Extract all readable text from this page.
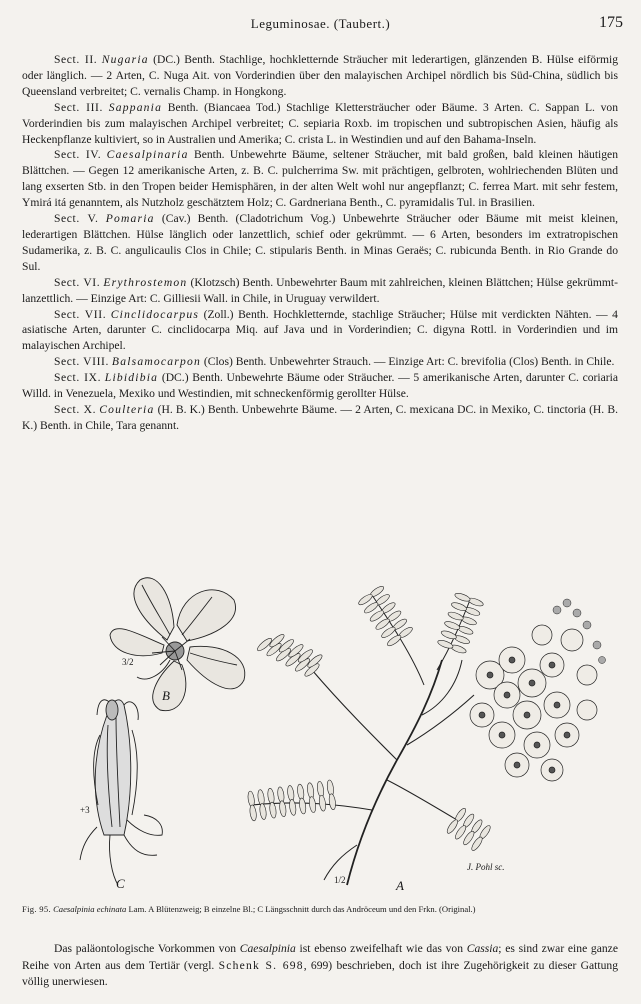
Leguminosae. (Taubert.)	175

Sect. II. Nugaria (DC.) Benth. Stachlige, hochkletternde Sträucher mit lederartigen, glänzenden B. Hülse eiförmig oder länglich. — 2 Arten, C. Nuga Ait. von Vorderindien über den malayischen Archipel nördlich bis Süd-China, südlich bis Queensland verbreitet; C. vernalis Champ. in Hongkong.

Sect. III. Sappania Benth. (Biancaea Tod.) Stachlige Klettersträucher oder Bäume. 3 Arten. C. Sappan L. von Vorderindien bis zum malayischen Archipel verbreitet; C. sepiaria Roxb. im tropischen und subtropischen Asien, häufig als Heckenpflanze kultiviert, so in Australien und Amerika; C. crista L. in Westindien und auf den Bahama-Inseln.

Sect. IV. Caesalpinaria Benth. Unbewehrte Bäume, seltener Sträucher, mit bald großen, bald kleinen häutigen Blättchen. — Gegen 12 amerikanische Arten, z. B. C. pulcherrima Sw. mit prächtigen, gelbroten, wohlriechenden Blüten und lang exserten Stb. in den Tropen beider Hemisphären, in der alten Welt wohl nur angepflanzt; C. ferrea Mart. mit sehr festem, Ymirá itá genanntem, als Nutzholz geschätztem Holz; C. Gardneriana Benth., C. pyramidalis Tul. in Brasilien.

Sect. V. Pomaria (Cav.) Benth. (Cladotrichum Vog.) Unbewehrte Sträucher oder Bäume mit meist kleinen, lederartigen Blättchen. Hülse länglich oder lanzettlich, schief oder gekrümmt. — 6 Arten, besonders im extratropischen Sudamerika, z. B. C. angulicaulis Clos in Chile; C. stipularis Benth. in Minas Geraës; C. rubicunda Benth. in Rio Grande do Sul.

Sect. VI. Erythrostemon (Klotzsch) Benth. Unbewehrter Baum mit zahlreichen, kleinen Blättchen; Hülse gekrümmt-lanzettlich. — Einzige Art: C. Gilliesii Wall. in Chile, in Uruguay verwildert.

Sect. VII. Cinclidocarpus (Zoll.) Benth. Hochkletternde, stachlige Sträucher; Hülse mit verdickten Nähten. — 4 asiatische Arten, darunter C. cinclidocarpa Miq. auf Java und in Vorderindien; C. digyna Rottl. in Vorderindien und im malayischen Archipel.

Sect. VIII. Balsamocarpon (Clos) Benth. Unbewehrter Strauch. — Einzige Art: C. brevifolia (Clos) Benth. in Chile.

Sect. IX. Libidibia (DC.) Benth. Unbewehrte Bäume oder Sträucher. — 5 amerikanische Arten, darunter C. coriaria Willd. in Venezuela, Mexiko und Westindien, mit schneckenförmig gerollter Hülse.

Sect. X. Coulteria (H. B. K.) Benth. Unbewehrte Bäume. — 2 Arten, C. mexicana DC. in Mexiko, C. tinctoria (H. B. K.) Benth. in Chile, Tara genannt.

3/2
B
+3
C	1/2	A
J. Pohl sc.
Fig. 95. Caesalpinia echinata Lam. A Blütenzweig; B einzelne Bl.; C Längsschnitt durch das Andröceum und den Frkn. (Original.)

Das paläontologische Vorkommen von Caesalpinia ist ebenso zweifelhaft wie das von Cassia; es sind zwar eine ganze Reihe von Arten aus dem Tertiär (vergl. Schenk S. 698, 699) beschrieben, doch ist ihre Zugehörigkeit zu dieser Gattung völlig unerwiesen.
